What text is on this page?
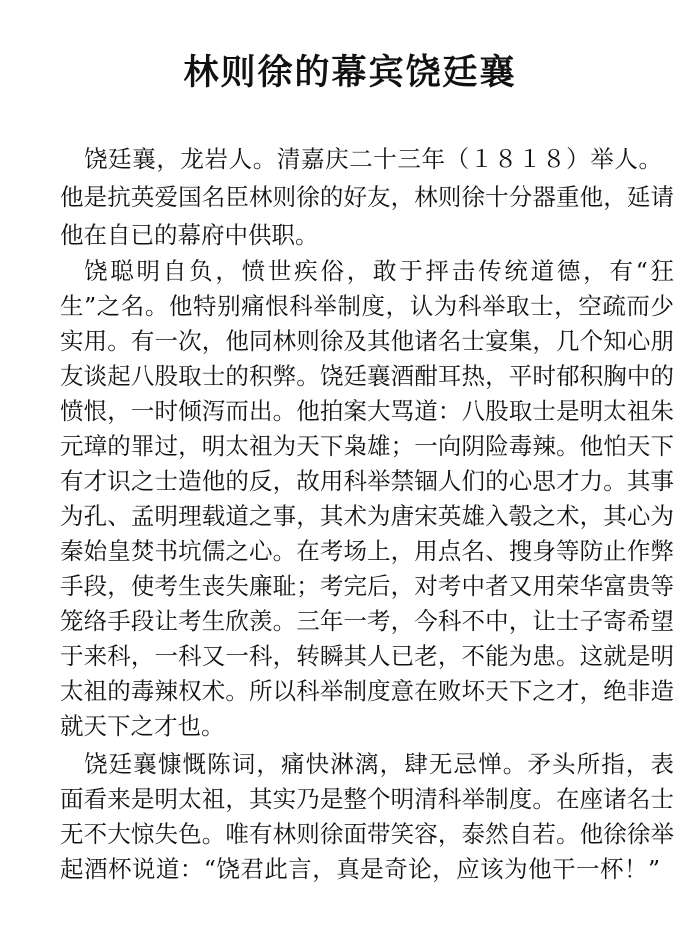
林则徐的幕宾饶廷襄
饶廷襄，龙岩人。清嘉庆二十三年（１８１８）举人。
他是抗英爱国名臣林则徐的好友，林则徐十分器重他，延请
他在自已的幕府中供职。
饶聪明自负，愤世疾俗，敢于抨击传统道德，有“狂
生”之名。他特别痛恨科举制度，认为科举取士，空疏而少
实用。有一次，他同林则徐及其他诸名士宴集，几个知心朋
友谈起八股取士的积弊。饶廷襄酒酣耳热，平时郁积胸中的
愤恨，一时倾泻而出。他拍案大骂道：八股取士是明太祖朱
元璋的罪过，明太祖为天下枭雄；一向阴险毒辣。他怕天下
有才识之士造他的反，故用科举禁锢人们的心思才力。其事
为孔、孟明理载道之事，其术为唐宋英雄入彀之术，其心为
秦始皇焚书坑儒之心。在考场上，用点名、搜身等防止作弊
手段，使考生丧失廉耻；考完后，对考中者又用荣华富贵等
笼络手段让考生欣羡。三年一考，今科不中，让士子寄希望
于来科，一科又一科，转瞬其人已老，不能为患。这就是明
太祖的毒辣权术。所以科举制度意在败坏天下之才，绝非造
就天下之才也。
饶廷襄慷慨陈词，痛快淋漓，肆无忌惮。矛头所指，表
面看来是明太祖，其实乃是整个明清科举制度。在座诸名士
无不大惊失色。唯有林则徐面带笑容，泰然自若。他徐徐举
起酒杯说道：“饶君此言，真是奇论，应该为他干一杯！”
